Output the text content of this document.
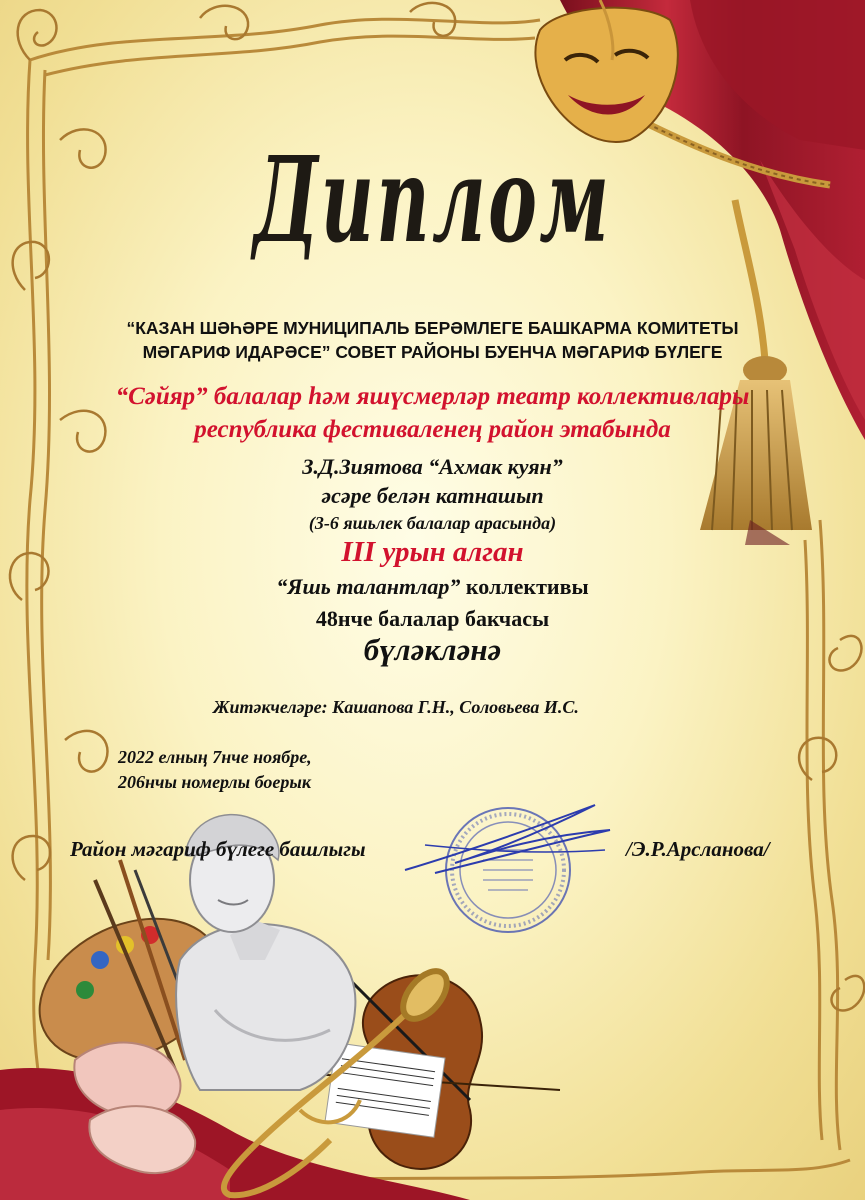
Диплом
“КАЗАН ШӘҺӘРЕ МУНИЦИПАЛЬ БЕРӘМЛЕГЕ БАШКАРМА КОМИТЕТЫ
МӘГАРИФ ИДАРӘСЕ” СОВЕТ РАЙОНЫ БУЕНЧА МӘГАРИФ БҮЛЕГЕ
“Сәйяр” балалар һәм яшүсмерләр театр коллективлары
республика фестиваленең район этабында
З.Д.Зиятова “Ахмак куян”
әсәре белән катнашып
(3-6 яшьлек балалар арасында)
III урын алган
“Яшь талантлар” коллективы
48нче балалар бакчасы
бүләкләнә
Житәкчеләре: Кашапова Г.Н., Соловьева И.С.
2022 елның 7нче ноябре,
206нчы номерлы боерык
Район мәгариф бүлеге башлыгы	/Э.Р.Арсланова/
